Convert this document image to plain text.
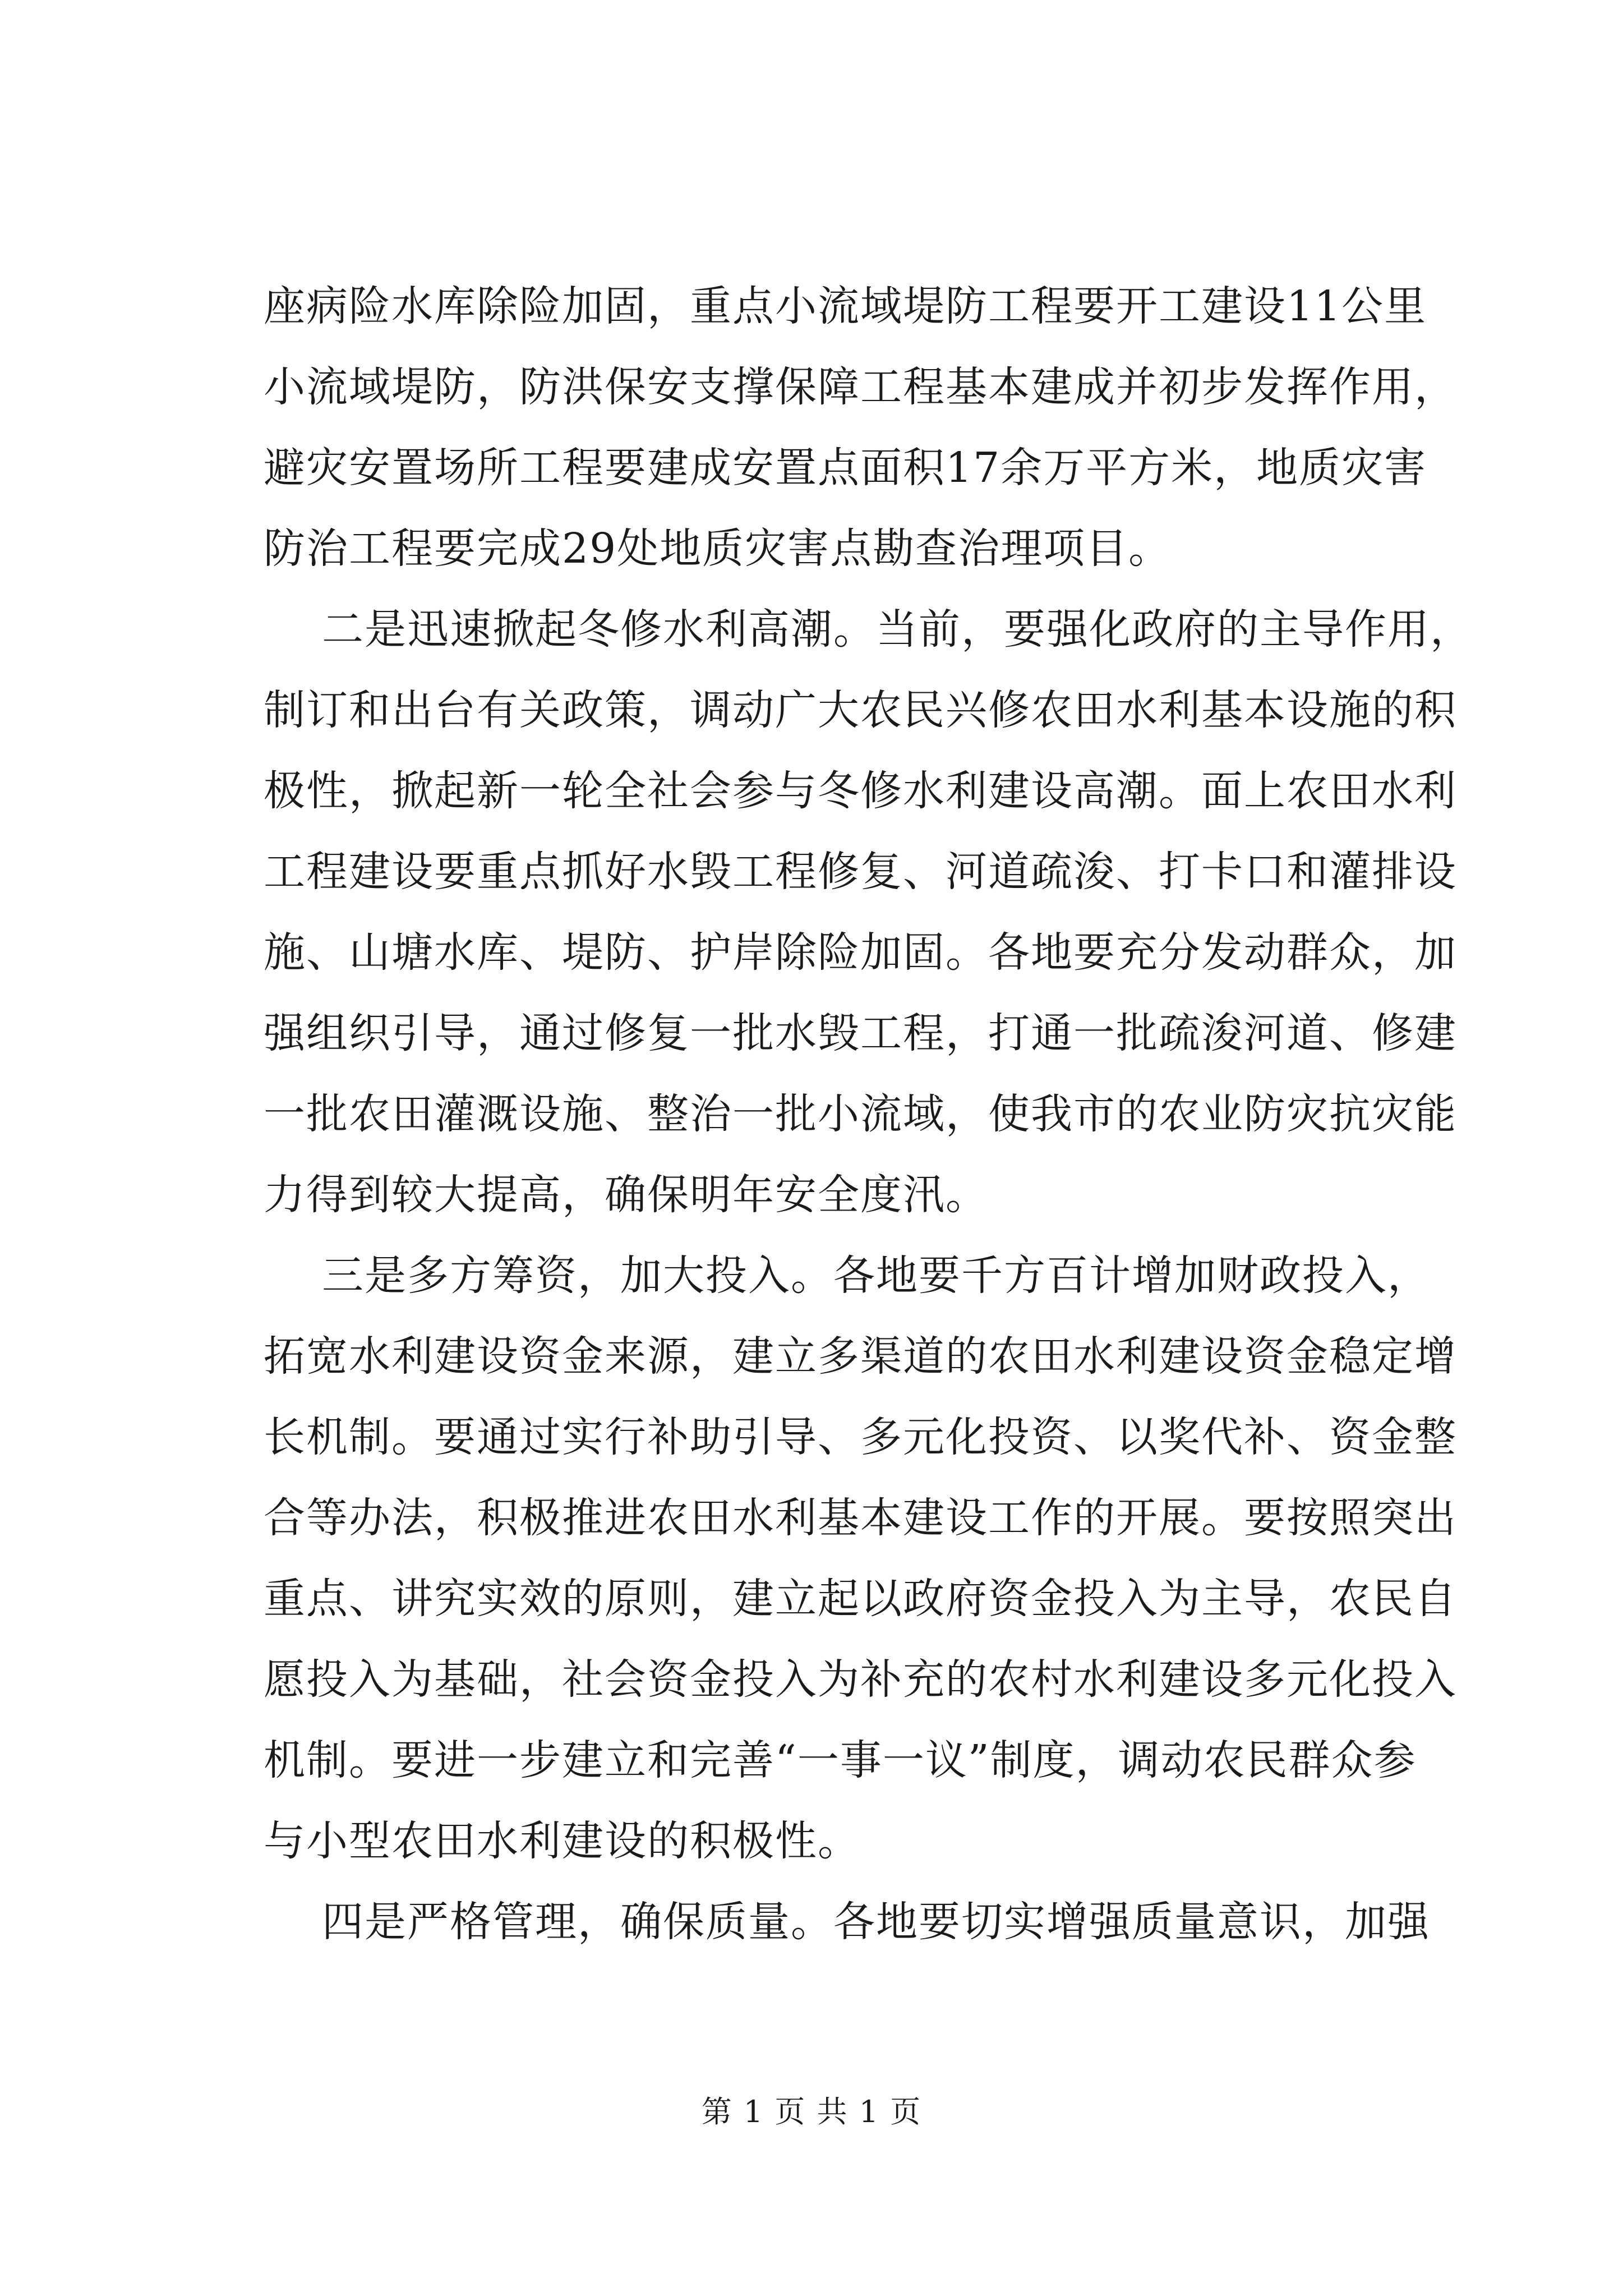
座病险水库除险加固，重点小流域堤防工程要开工建设11公里
小流域堤防，防洪保安支撑保障工程基本建成并初步发挥作用，
避灾安置场所工程要建成安置点面积17余万平方米，地质灾害
防治工程要完成29处地质灾害点勘查治理项目。
二是迅速掀起冬修水利高潮。当前，要强化政府的主导作用，
制订和出台有关政策，调动广大农民兴修农田水利基本设施的积
极性，掀起新一轮全社会参与冬修水利建设高潮。面上农田水利
工程建设要重点抓好水毁工程修复、河道疏浚、打卡口和灌排设
施、山塘水库、堤防、护岸除险加固。各地要充分发动群众，加
强组织引导，通过修复一批水毁工程，打通一批疏浚河道、修建
一批农田灌溉设施、整治一批小流域，使我市的农业防灾抗灾能
力得到较大提高，确保明年安全度汛。
三是多方筹资，加大投入。各地要千方百计增加财政投入，
拓宽水利建设资金来源，建立多渠道的农田水利建设资金稳定增
长机制。要通过实行补助引导、多元化投资、以奖代补、资金整
合等办法，积极推进农田水利基本建设工作的开展。要按照突出
重点、讲究实效的原则，建立起以政府资金投入为主导，农民自
愿投入为基础，社会资金投入为补充的农村水利建设多元化投入
机制。要进一步建立和完善“一事一议”制度，调动农民群众参
与小型农田水利建设的积极性。
四是严格管理，确保质量。各地要切实增强质量意识，加强
第 1 页 共 1 页
